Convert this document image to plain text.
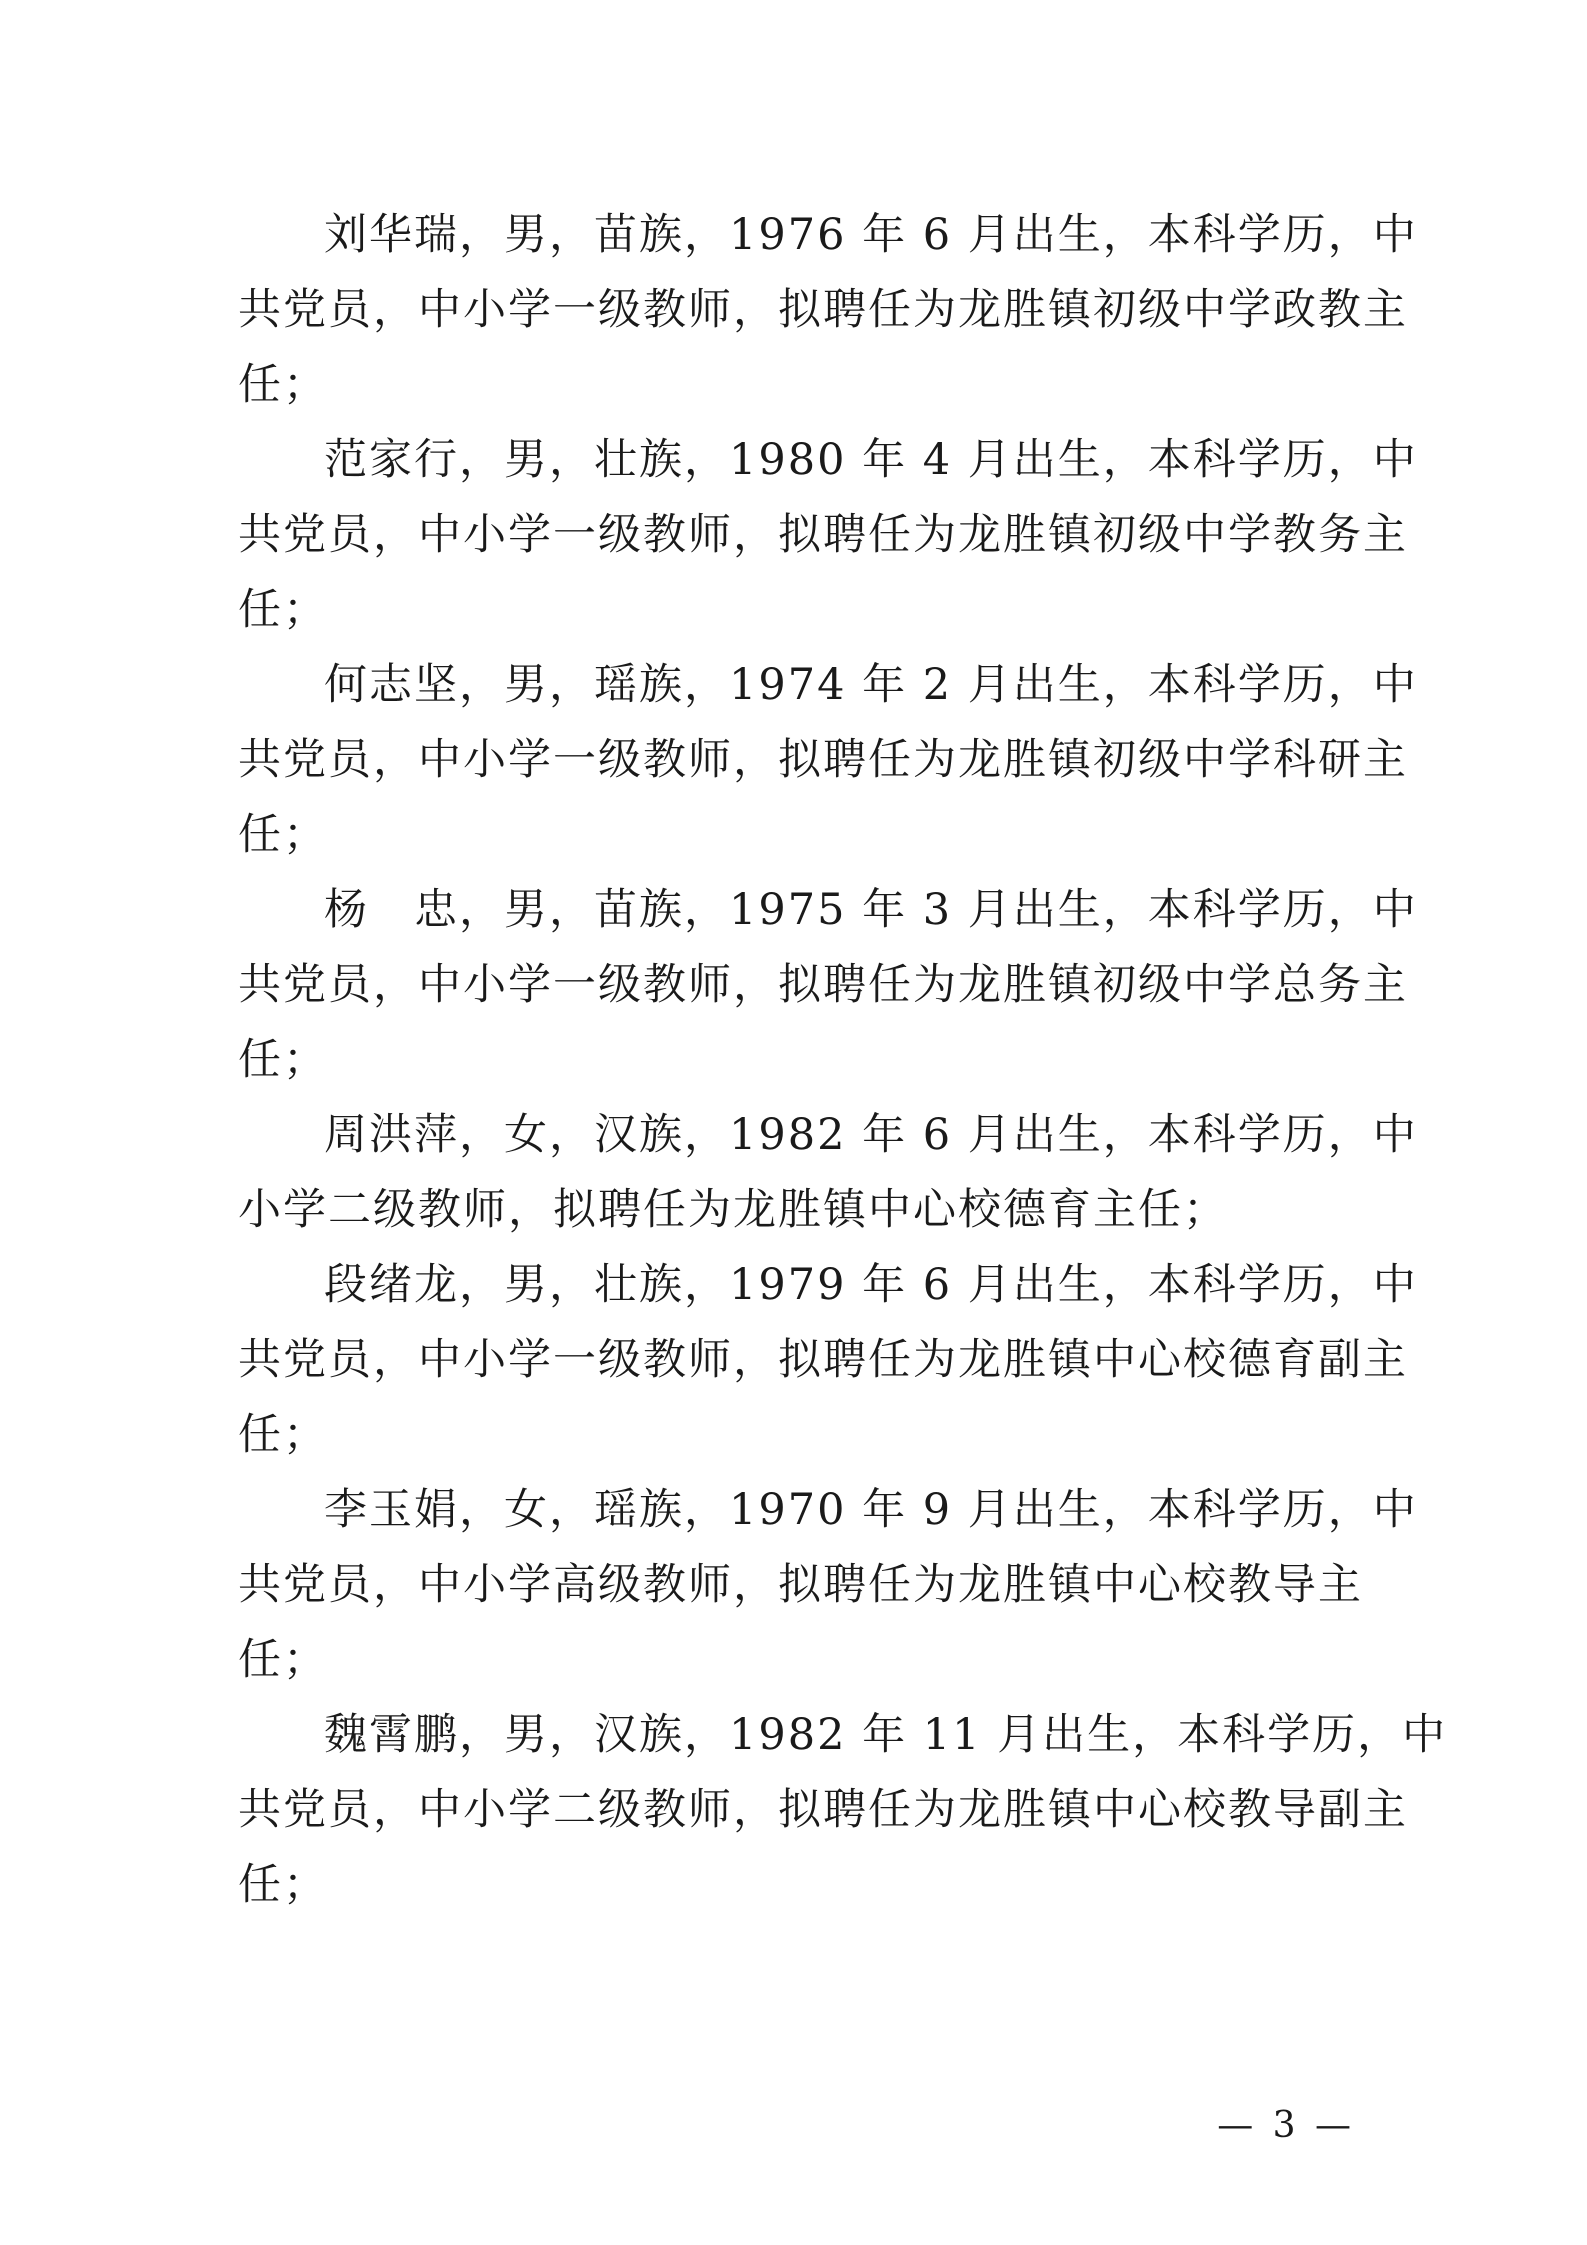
刘华瑞，男，苗族，1976 年 6 月出生，本科学历，中
共党员，中小学一级教师，拟聘任为龙胜镇初级中学政教主
任；
范家行，男，壮族，1980 年 4 月出生，本科学历，中
共党员，中小学一级教师，拟聘任为龙胜镇初级中学教务主
任；
何志坚，男，瑶族，1974 年 2 月出生，本科学历，中
共党员，中小学一级教师，拟聘任为龙胜镇初级中学科研主
任；
杨　忠，男，苗族，1975 年 3 月出生，本科学历，中
共党员，中小学一级教师，拟聘任为龙胜镇初级中学总务主
任；
周洪萍，女，汉族，1982 年 6 月出生，本科学历，中
小学二级教师，拟聘任为龙胜镇中心校德育主任；
段绪龙，男，壮族，1979 年 6 月出生，本科学历，中
共党员，中小学一级教师，拟聘任为龙胜镇中心校德育副主
任；
李玉娟，女，瑶族，1970 年 9 月出生，本科学历，中
共党员，中小学高级教师，拟聘任为龙胜镇中心校教导主
任；
魏霄鹏，男，汉族，1982 年 11 月出生，本科学历，中
共党员，中小学二级教师，拟聘任为龙胜镇中心校教导副主
任；
— 3 —
